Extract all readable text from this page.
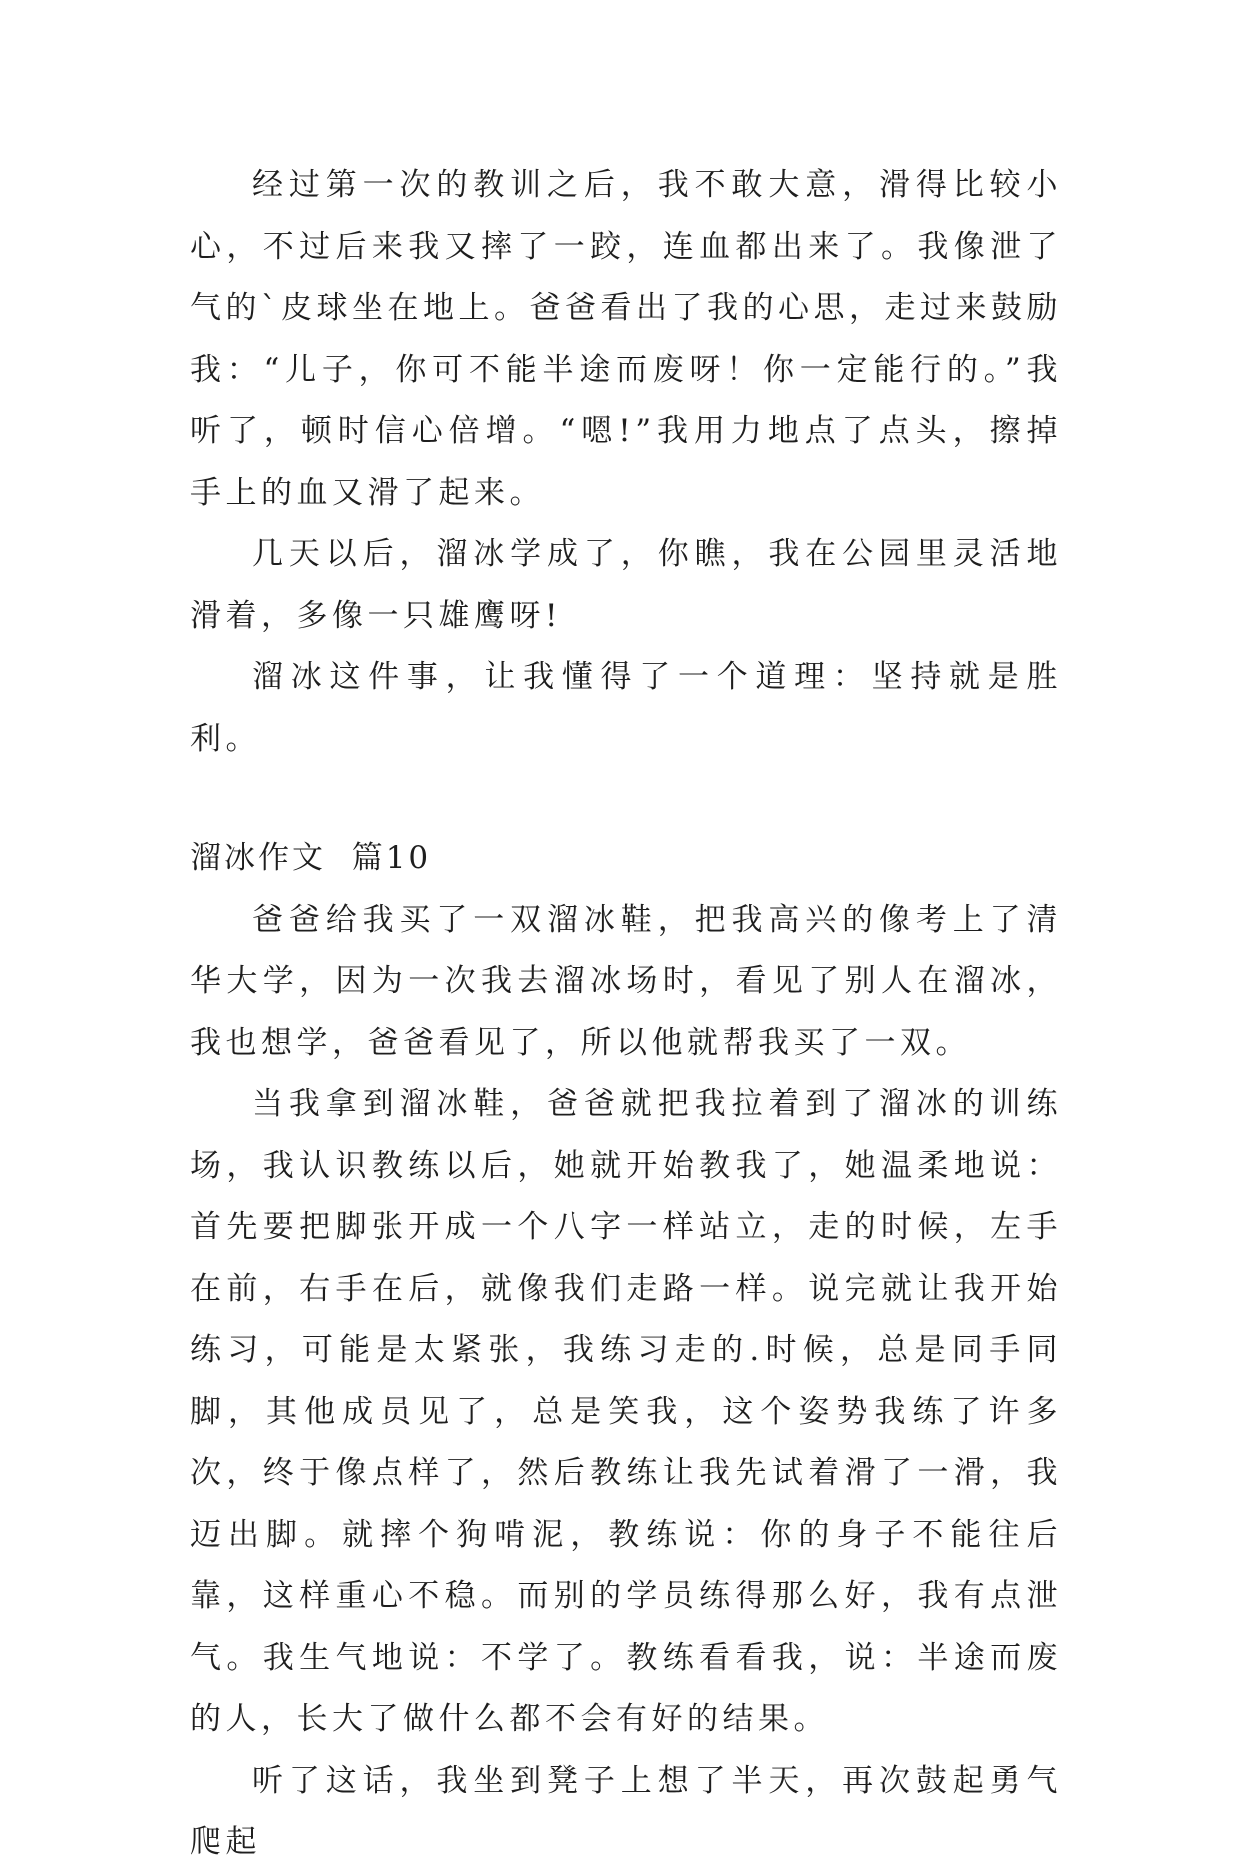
经过第一次的教训之后，我不敢大意，滑得比较小心，不过后来我又摔了一跤，连血都出来了。我像泄了气的`皮球坐在地上。爸爸看出了我的心思，走过来鼓励我：“儿子，你可不能半途而废呀！你一定能行的。”我听了，顿时信心倍增。“嗯!”我用力地点了点头，擦掉手上的血又滑了起来。

几天以后，溜冰学成了，你瞧，我在公园里灵活地滑着，多像一只雄鹰呀!

溜冰这件事，让我懂得了一个道理：坚持就是胜利。

溜冰作文  篇10

爸爸给我买了一双溜冰鞋，把我高兴的像考上了清华大学，因为一次我去溜冰场时，看见了别人在溜冰，我也想学，爸爸看见了，所以他就帮我买了一双。

当我拿到溜冰鞋，爸爸就把我拉着到了溜冰的训练场，我认识教练以后，她就开始教我了，她温柔地说：首先要把脚张开成一个八字一样站立，走的时候，左手在前，右手在后，就像我们走路一样。说完就让我开始练习，可能是太紧张，我练习走的.时候，总是同手同脚，其他成员见了，总是笑我，这个姿势我练了许多次，终于像点样了，然后教练让我先试着滑了一滑，我迈出脚。就摔个狗啃泥，教练说：你的身子不能往后靠，这样重心不稳。而别的学员练得那么好，我有点泄气。我生气地说：不学了。教练看看我，说：半途而废的人，长大了做什么都不会有好的结果。

听了这话，我坐到凳子上想了半天，再次鼓起勇气爬起
